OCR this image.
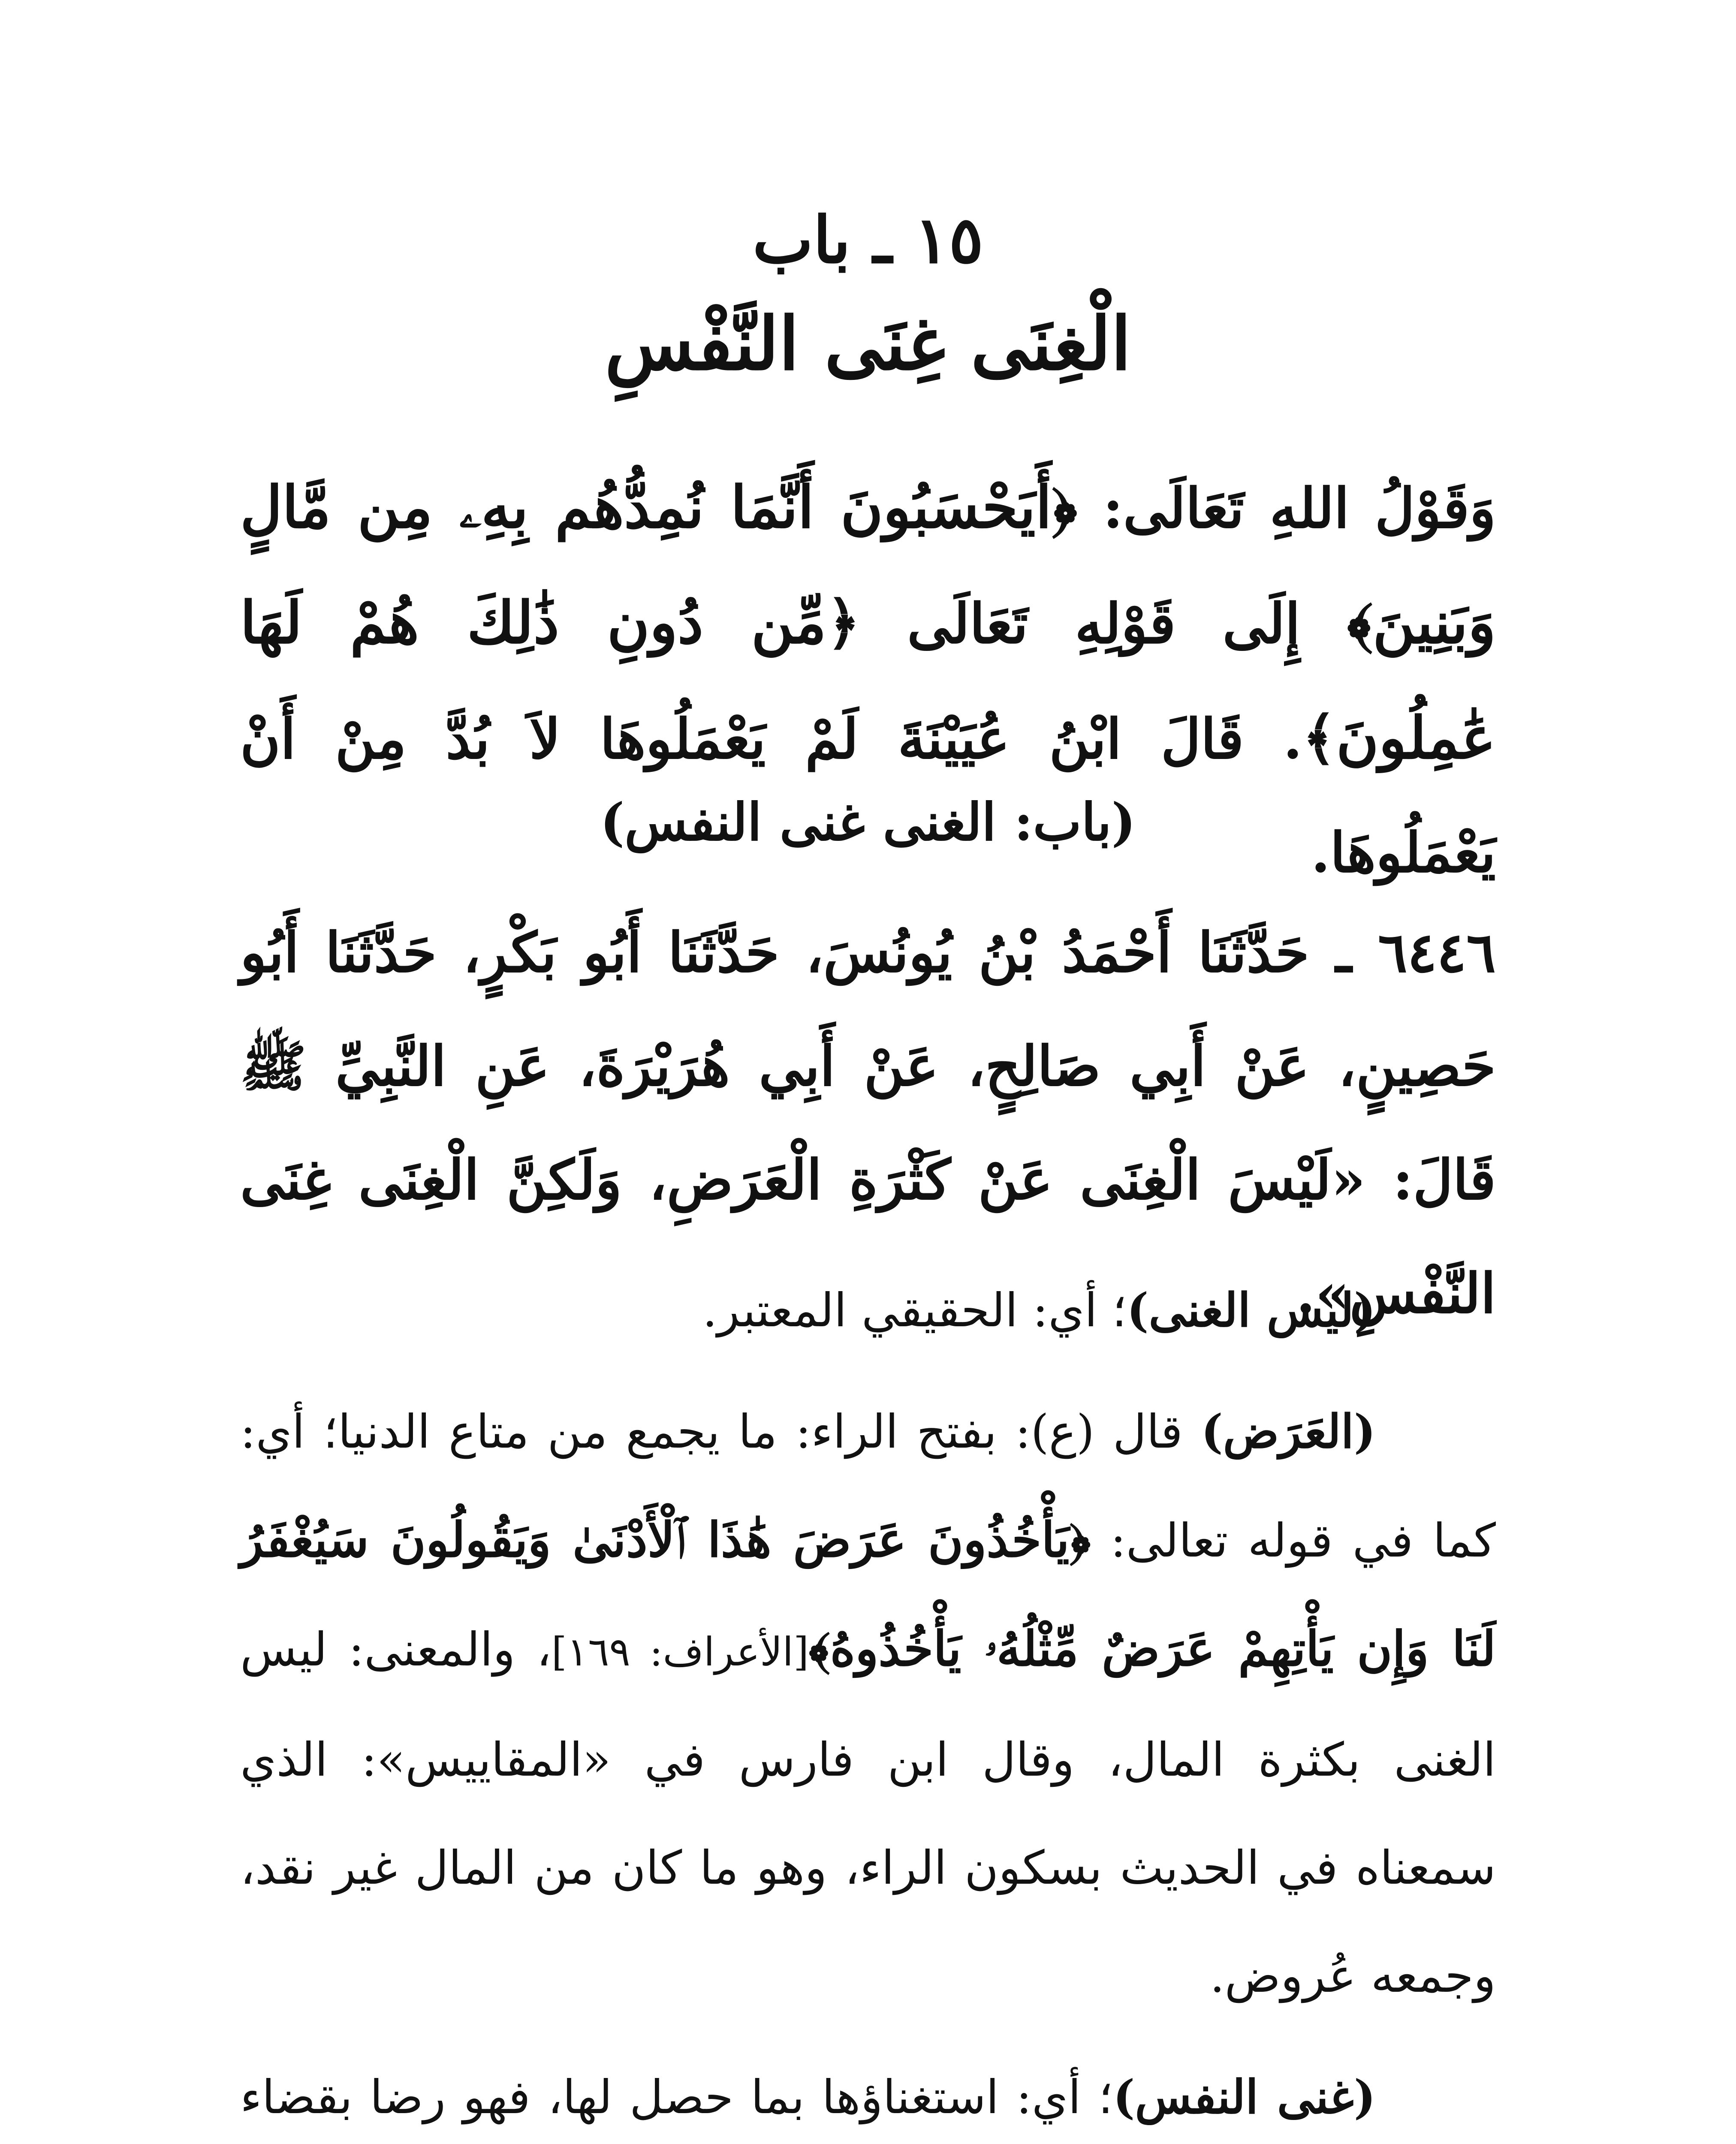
١٥ ـ باب
الْغِنَى غِنَى النَّفْسِ
وَقَوْلُ اللهِ تَعَالَى: ﴿أَيَحْسَبُونَ أَنَّمَا نُمِدُّهُم بِهِۦ مِن مَّالٍ وَبَنِينَ﴾ إِلَى قَوْلِهِ تَعَالَى ﴿مِّن دُونِ ذَٰلِكَ هُمْ لَهَا عَٰمِلُونَ﴾. قَالَ ابْنُ عُيَيْنَةَ لَمْ يَعْمَلُوهَا لاَ بُدَّ مِنْ أَنْ يَعْمَلُوهَا.
(باب: الغنى غنى النفس)
٦٤٤٦ ـ حَدَّثَنَا أَحْمَدُ بْنُ يُونُسَ، حَدَّثَنَا أَبُو بَكْرٍ، حَدَّثَنَا أَبُو حَصِينٍ، عَنْ أَبِي صَالِحٍ، عَنْ أَبِي هُرَيْرَةَ، عَنِ النَّبِيِّ ﷺ قَالَ: «لَيْسَ الْغِنَى عَنْ كَثْرَةِ الْعَرَضِ، وَلَكِنَّ الْغِنَى غِنَى النَّفْسِ».

(ليس الغنى)؛ أي: الحقيقي المعتبر.

(العَرَض) قال (ع): بفتح الراء: ما يجمع من متاع الدنيا؛ أي: كما في قوله تعالى: ﴿يَأْخُذُونَ عَرَضَ هَٰذَا ٱلْأَدْنَىٰ وَيَقُولُونَ سَيُغْفَرُ لَنَا وَإِن يَأْتِهِمْ عَرَضٌ مِّثْلُهُۥ يَأْخُذُوهُ﴾[الأعراف: ١٦٩]، والمعنى: ليس الغنى بكثرة المال، وقال ابن فارس في «المقاييس»: الذي سمعناه في الحديث بسكون الراء، وهو ما كان من المال غير نقد، وجمعه عُروض.

(غنى النفس)؛ أي: استغناؤها بما حصل لها، فهو رضا بقضاء
